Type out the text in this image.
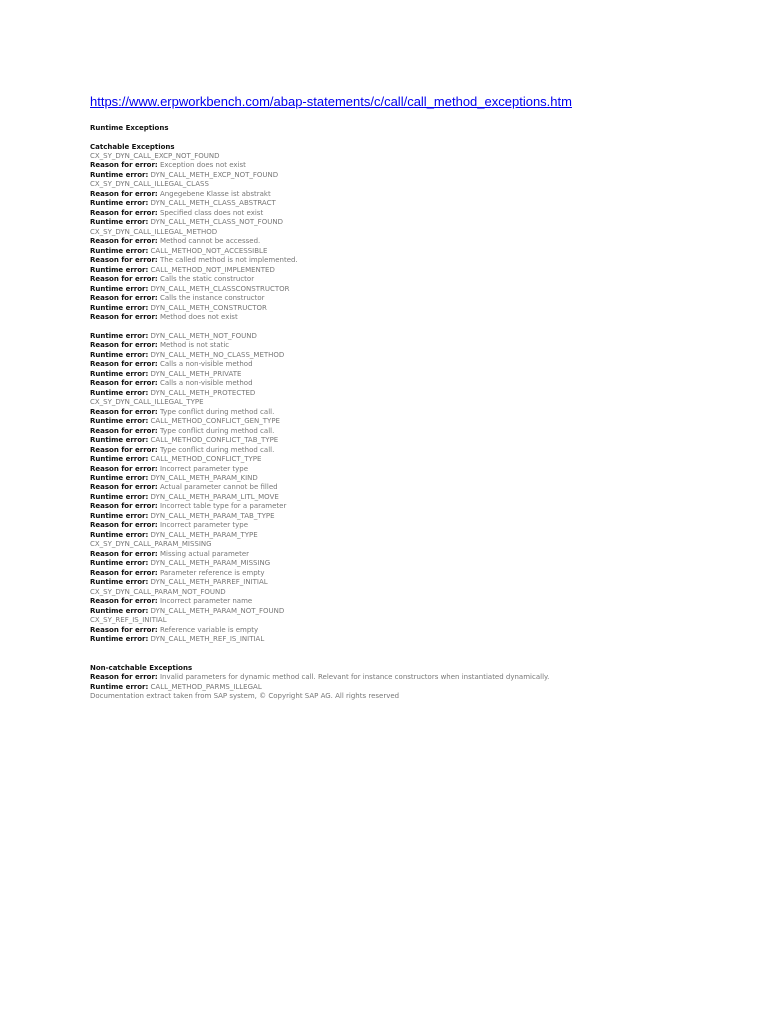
https://www.erpworkbench.com/abap-statements/c/call/call_method_exceptions.htm
Runtime Exceptions
Catchable Exceptions
CX_SY_DYN_CALL_EXCP_NOT_FOUND
Reason for error: Exception does not exist
Runtime error: DYN_CALL_METH_EXCP_NOT_FOUND
CX_SY_DYN_CALL_ILLEGAL_CLASS
Reason for error: Angegebene Klasse ist abstrakt
Runtime error: DYN_CALL_METH_CLASS_ABSTRACT
Reason for error: Specified class does not exist
Runtime error: DYN_CALL_METH_CLASS_NOT_FOUND
CX_SY_DYN_CALL_ILLEGAL_METHOD
Reason for error: Method cannot be accessed.
Runtime error: CALL_METHOD_NOT_ACCESSIBLE
Reason for error: The called method is not implemented.
Runtime error: CALL_METHOD_NOT_IMPLEMENTED
Reason for error: Calls the static constructor
Runtime error: DYN_CALL_METH_CLASSCONSTRUCTOR
Reason for error: Calls the instance constructor
Runtime error: DYN_CALL_METH_CONSTRUCTOR
Reason for error: Method does not exist
Runtime error: DYN_CALL_METH_NOT_FOUND
Reason for error: Method is not static
Runtime error: DYN_CALL_METH_NO_CLASS_METHOD
Reason for error: Calls a non-visible method
Runtime error: DYN_CALL_METH_PRIVATE
Reason for error: Calls a non-visible method
Runtime error: DYN_CALL_METH_PROTECTED
CX_SY_DYN_CALL_ILLEGAL_TYPE
Reason for error: Type conflict during method call.
Runtime error: CALL_METHOD_CONFLICT_GEN_TYPE
Reason for error: Type conflict during method call.
Runtime error: CALL_METHOD_CONFLICT_TAB_TYPE
Reason for error: Type conflict during method call.
Runtime error: CALL_METHOD_CONFLICT_TYPE
Reason for error: Incorrect parameter type
Runtime error: DYN_CALL_METH_PARAM_KIND
Reason for error: Actual parameter cannot be filled
Runtime error: DYN_CALL_METH_PARAM_LITL_MOVE
Reason for error: Incorrect table type for a parameter
Runtime error: DYN_CALL_METH_PARAM_TAB_TYPE
Reason for error: Incorrect parameter type
Runtime error: DYN_CALL_METH_PARAM_TYPE
CX_SY_DYN_CALL_PARAM_MISSING
Reason for error: Missing actual parameter
Runtime error: DYN_CALL_METH_PARAM_MISSING
Reason for error: Parameter reference is empty
Runtime error: DYN_CALL_METH_PARREF_INITIAL
CX_SY_DYN_CALL_PARAM_NOT_FOUND
Reason for error: Incorrect parameter name
Runtime error: DYN_CALL_METH_PARAM_NOT_FOUND
CX_SY_REF_IS_INITIAL
Reason for error: Reference variable is empty
Runtime error: DYN_CALL_METH_REF_IS_INITIAL
Non-catchable Exceptions
Reason for error: Invalid parameters for dynamic method call. Relevant for instance constructors when instantiated dynamically.
Runtime error: CALL_METHOD_PARMS_ILLEGAL
Documentation extract taken from SAP system, © Copyright SAP AG. All rights reserved
